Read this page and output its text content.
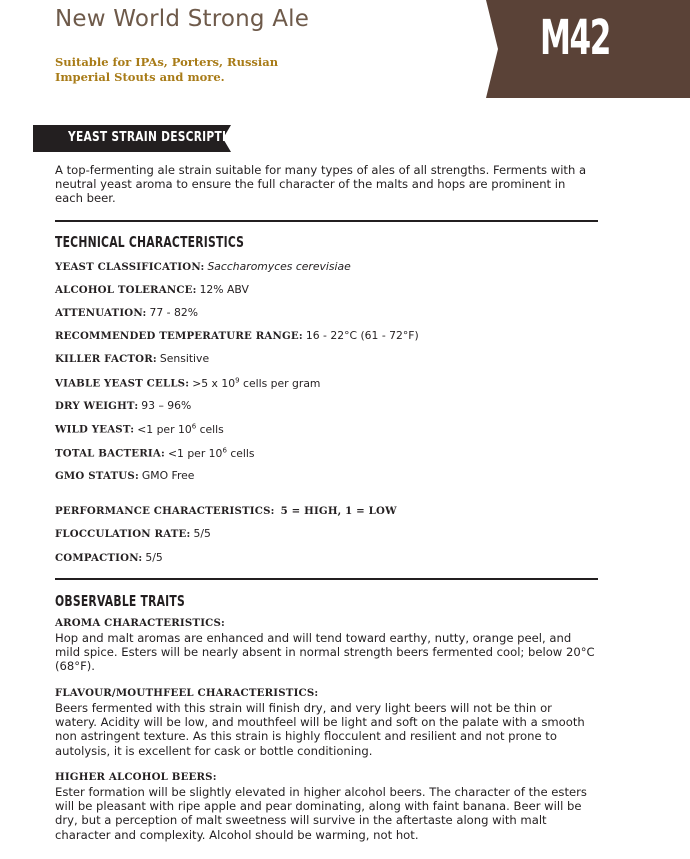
New World Strong Ale
Suitable for IPAs, Porters, Russian Imperial Stouts and more.
M42
YEAST STRAIN DESCRIPTION
A top-fermenting ale strain suitable for many types of ales of all strengths. Ferments with a neutral yeast aroma to ensure the full character of the malts and hops are prominent in each beer.
TECHNICAL CHARACTERISTICS
YEAST CLASSIFICATION: Saccharomyces cerevisiae
ALCOHOL TOLERANCE: 12% ABV
ATTENUATION: 77 - 82%
RECOMMENDED TEMPERATURE RANGE: 16 - 22°C (61 - 72°F)
KILLER FACTOR: Sensitive
VIABLE YEAST CELLS: >5 x $10^9$ cells per gram
DRY WEIGHT: 93 – 96%
WILD YEAST: <1 per $10^6$ cells
TOTAL BACTERIA: <1 per $10^6$ cells
GMO STATUS: GMO Free
PERFORMANCE CHARACTERISTICS: 5 = HIGH, 1 = LOW
FLOCCULATION RATE: 5/5
COMPACTION: 5/5
OBSERVABLE TRAITS
AROMA CHARACTERISTICS:
Hop and malt aromas are enhanced and will tend toward earthy, nutty, orange peel, and mild spice. Esters will be nearly absent in normal strength beers fermented cool; below 20°C (68°F).
FLAVOUR/MOUTHFEEL CHARACTERISTICS:
Beers fermented with this strain will finish dry, and very light beers will not be thin or watery. Acidity will be low, and mouthfeel will be light and soft on the palate with a smooth non astringent texture. As this strain is highly flocculent and resilient and not prone to autolysis, it is excellent for cask or bottle conditioning.
HIGHER ALCOHOL BEERS:
Ester formation will be slightly elevated in higher alcohol beers. The character of the esters will be pleasant with ripe apple and pear dominating, along with faint banana. Beer will be dry, but a perception of malt sweetness will survive in the aftertaste along with malt character and complexity. Alcohol should be warming, not hot.
